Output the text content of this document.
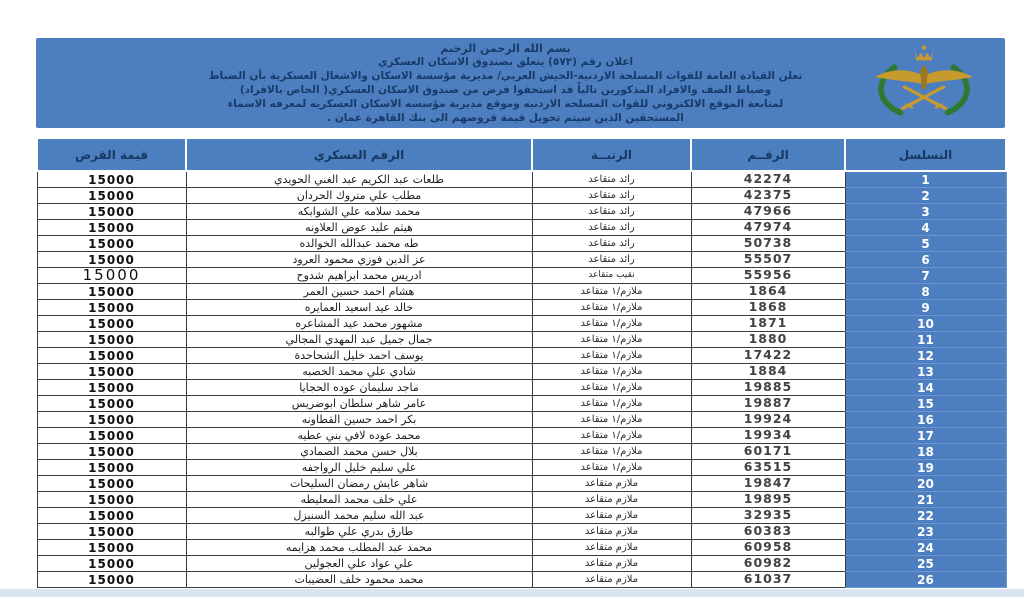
بسم الله الرحمن الرحيم
اعلان رقم (٥٧٣) يتعلق بصندوق الاسكان العسكري
تعلن القيادة العامة للقوات المسلحة الاردنية-الجيش العربي/ مديرية مؤسسة الاسكان والاشغال العسكرية بأن الضباط
وضباط الصف والافراد المذكورين تالياً قد استحقوا قرض من صندوق الاسكان العسكري( الخاص بالافراد)
لمتابعة الموقع الالكتروني للقوات المسلحه الاردنيه وموقع مديرية مؤسسه الاسكان العسكريه لمعرفه الاسماء
المستحقين الذين سيتم تحويل قيمة قروضهم الى بنك القاهرة عمان .
التسلسل	الرقــم	الرتبــة	الرقم العسكري	قيمة القرض
1	42274	رائد متقاعد	طلعات عبد الكريم عبد الغني الحويدي	15000
2	42375	رائد متقاعد	مطلب علي متروك الحردان	15000
3	47966	رائد متقاعد	محمد سلامه علي الشوابكه	15000
4	47974	رائد متقاعد	هيثم عليد عوض العلاونه	15000
5	50738	رائد متقاعد	طه محمد عبدالله الخوالده	15000
6	55507	رائد متقاعد	عز الدين فوزي محمود العرود	15000
7	55956	نقيب متقاعد	ادريس محمد ابراهيم شدوح	15000
8	1864	ملازم/١ متقاعد	هشام احمد حسين العمر	15000
9	1868	ملازم/١ متقاعد	خالد عيد اسعيد العمايره	15000
10	1871	ملازم/١ متقاعد	مشهور محمد عيد المشاعره	15000
11	1880	ملازم/١ متقاعد	جمال جميل عبد المهدي المجالي	15000
12	17422	ملازم/١ متقاعد	يوسف احمد خليل الشحاحدة	15000
13	1884	ملازم/١ متقاعد	شادي علي محمد الخصبه	15000
14	19885	ملازم/١ متقاعد	ماجد سليمان عوده الحجايا	15000
15	19887	ملازم/١ متقاعد	عامر شاهر سلطان ابوضريس	15000
16	19924	ملازم/١ متقاعد	بكر احمد حسين القطاونه	15000
17	19934	ملازم/١ متقاعد	محمد عوده لافي بني عطيه	15000
18	60171	ملازم/١ متقاعد	بلال حسن محمد الصمادي	15000
19	63515	ملازم/١ متقاعد	علي سليم خليل الرواجفه	15000
20	19847	ملازم متقاعد	شاهر عايش رمضان السليحات	15000
21	19895	ملازم متقاعد	علي خلف محمد المعليطه	15000
22	32935	ملازم متقاعد	عبد الله سليم محمد السنيزل	15000
23	60383	ملازم متقاعد	طارق بدري علي طوالبه	15000
24	60958	ملازم متقاعد	محمد عبد المطلب محمد هزايمه	15000
25	60982	ملازم متقاعد	علي عواد علي العجولين	15000
26	61037	ملازم متقاعد	محمد محمود خلف العضيبات	15000
